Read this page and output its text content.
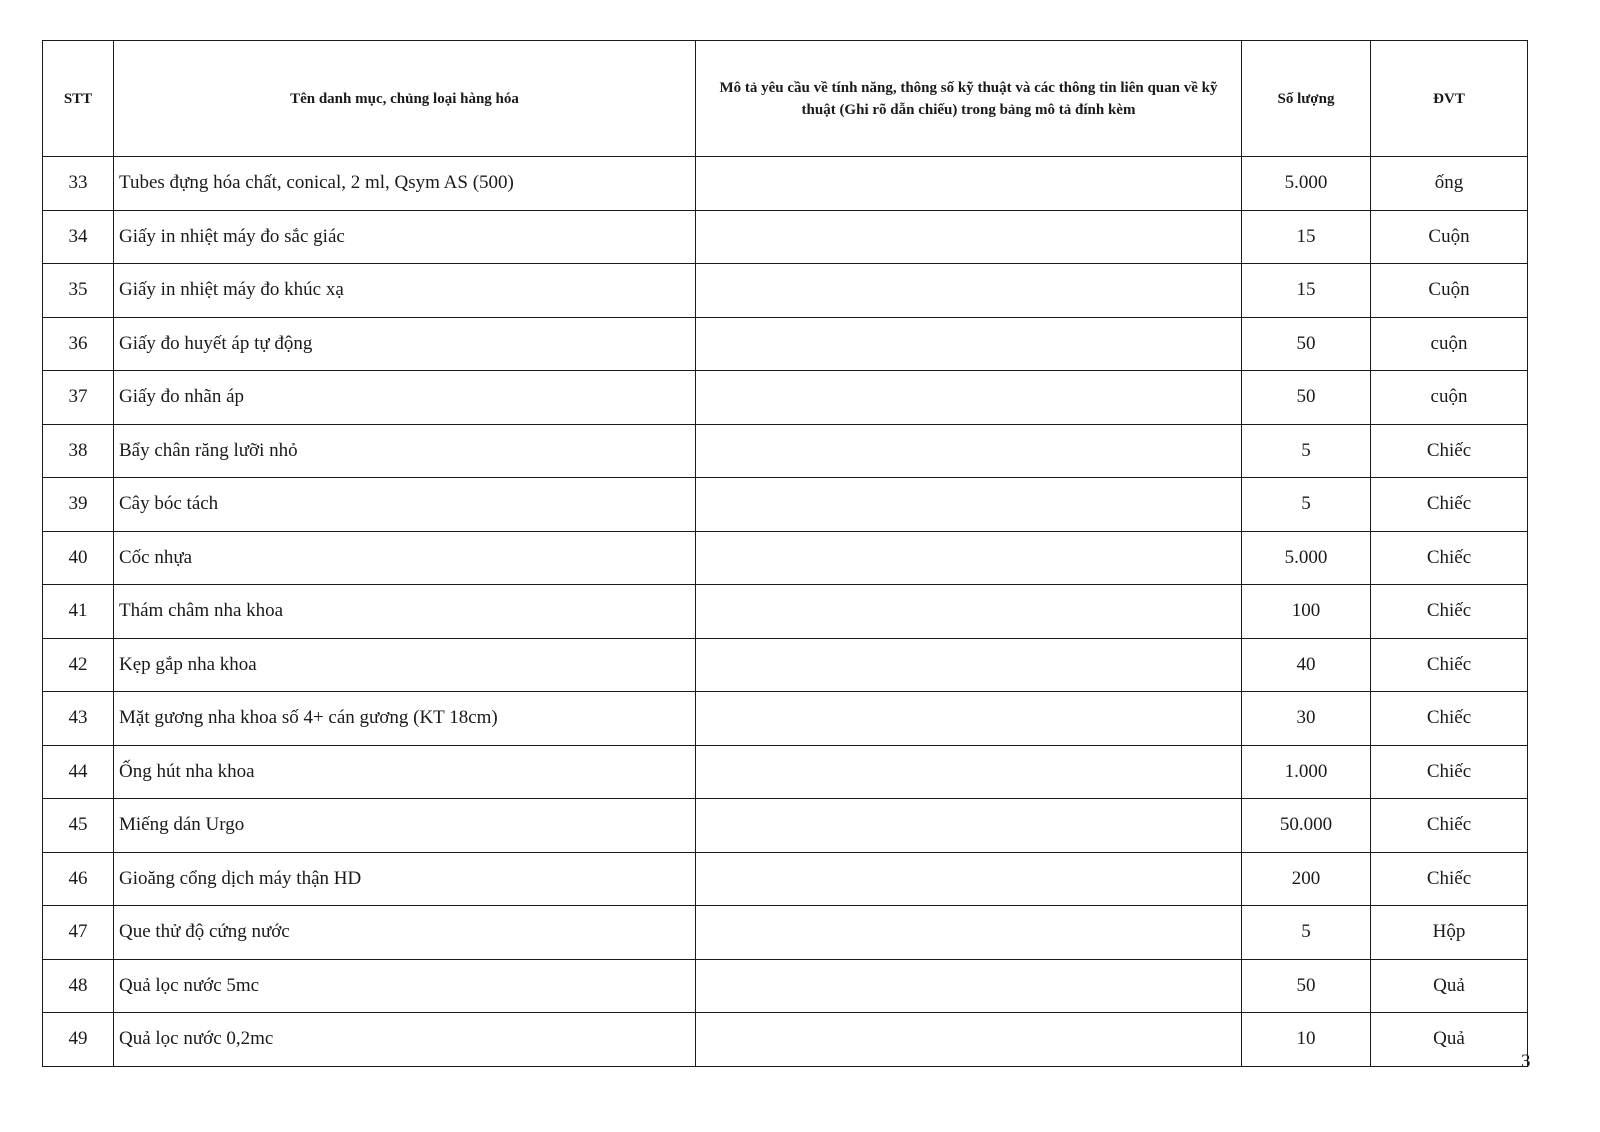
STT	Tên danh mục, chủng loại hàng hóa	Mô tả yêu cầu về tính năng, thông số kỹ thuật và các thông tin liên quan về kỹ thuật (Ghi rõ dẫn chiếu) trong bảng mô tả đính kèm	Số lượng	ĐVT
33	Tubes đựng hóa chất, conical, 2 ml, Qsym AS (500)		5.000	ống
34	Giấy in nhiệt máy đo sắc giác		15	Cuộn
35	Giấy in nhiệt máy đo khúc xạ		15	Cuộn
36	Giấy đo huyết áp tự động		50	cuộn
37	Giấy đo nhãn áp		50	cuộn
38	Bẩy chân răng lưỡi nhỏ		5	Chiếc
39	Cây bóc tách		5	Chiếc
40	Cốc nhựa		5.000	Chiếc
41	Thám châm nha khoa		100	Chiếc
42	Kẹp gắp nha khoa		40	Chiếc
43	Mặt gương nha khoa số 4+ cán gương (KT 18cm)		30	Chiếc
44	Ống hút nha khoa		1.000	Chiếc
45	Miếng dán Urgo		50.000	Chiếc
46	Gioăng cổng dịch máy thận HD		200	Chiếc
47	Que thử độ cứng nước		5	Hộp
48	Quả lọc nước 5mc		50	Quả
49	Quả lọc nước 0,2mc		10	Quả
3
